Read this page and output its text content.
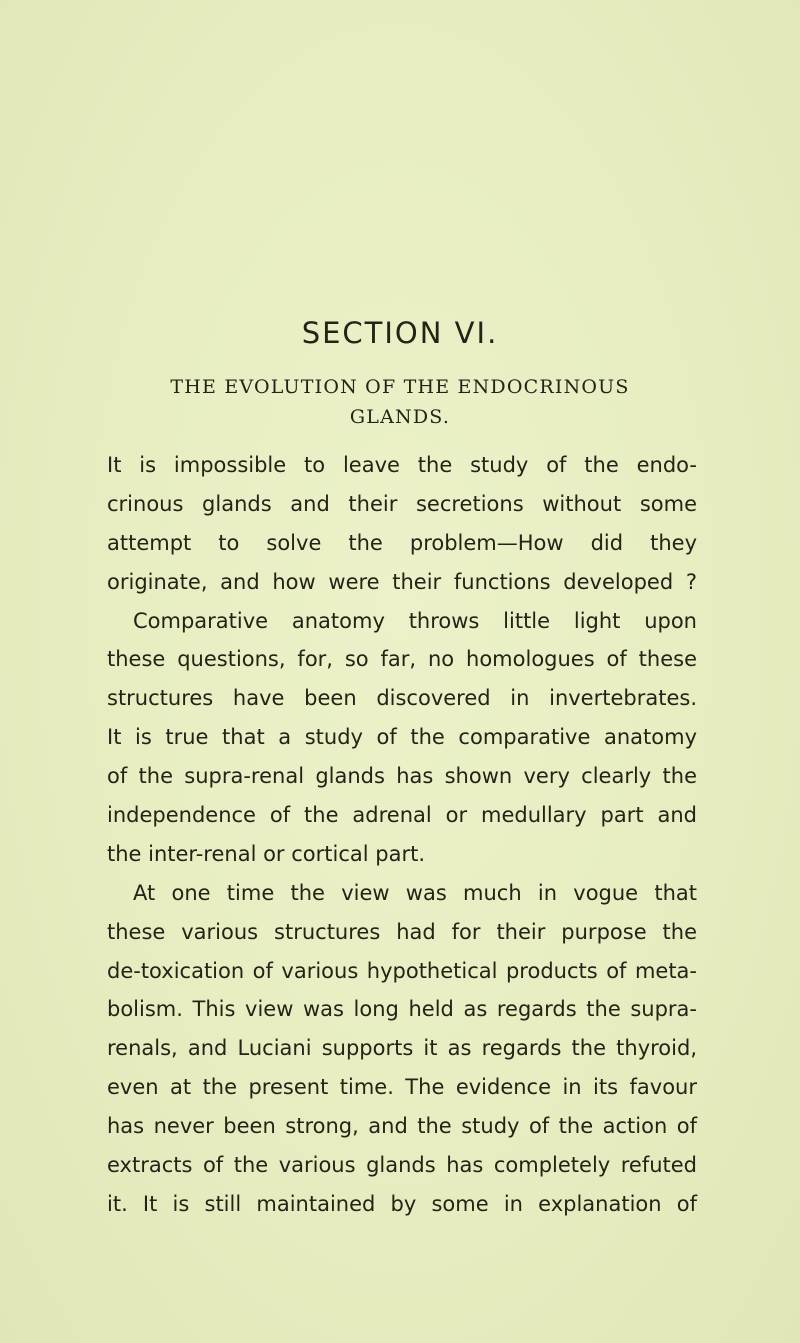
SECTION VI.
THE EVOLUTION OF THE ENDOCRINOUS
GLANDS.
It is impossible to leave the study of the endo-
crinous glands and their secretions without some
attempt to solve the problem—How did they
originate, and how were their functions developed ?
Comparative anatomy throws little light upon
these questions, for, so far, no homologues of these
structures have been discovered in invertebrates.
It is true that a study of the comparative anatomy
of the supra-renal glands has shown very clearly the
independence of the adrenal or medullary part and
the inter-renal or cortical part.
At one time the view was much in vogue that
these various structures had for their purpose the
de-toxication of various hypothetical products of meta-
bolism. This view was long held as regards the supra-
renals, and Luciani supports it as regards the thyroid,
even at the present time. The evidence in its favour
has never been strong, and the study of the action of
extracts of the various glands has completely refuted
it. It is still maintained by some in explanation of
